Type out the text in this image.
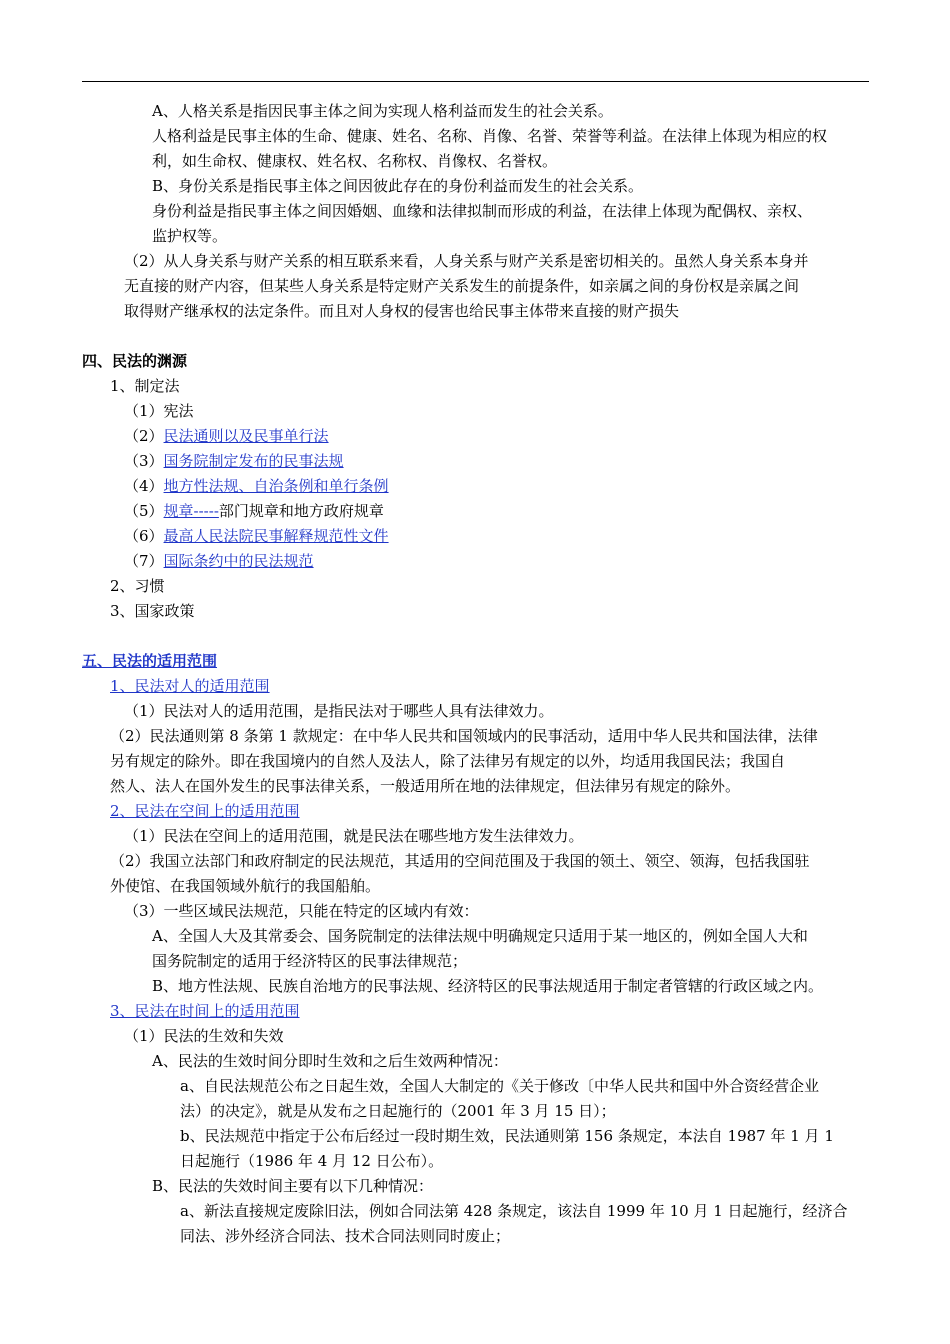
A、人格关系是指因民事主体之间为实现人格利益而发生的社会关系。
人格利益是民事主体的生命、健康、姓名、名称、肖像、名誉、荣誉等利益。在法律上体现为相应的权
利，如生命权、健康权、姓名权、名称权、肖像权、名誉权。
B、身份关系是指民事主体之间因彼此存在的身份利益而发生的社会关系。
身份利益是指民事主体之间因婚姻、血缘和法律拟制而形成的利益，在法律上体现为配偶权、亲权、
监护权等。
（2）从人身关系与财产关系的相互联系来看，人身关系与财产关系是密切相关的。虽然人身关系本身并
无直接的财产内容，但某些人身关系是特定财产关系发生的前提条件，如亲属之间的身份权是亲属之间
取得财产继承权的法定条件。而且对人身权的侵害也给民事主体带来直接的财产损失
四、民法的渊源
1、制定法
（1）宪法
（2）民法通则以及民事单行法
（3）国务院制定发布的民事法规
（4）地方性法规、自治条例和单行条例
（5）规章-----部门规章和地方政府规章
（6）最高人民法院民事解释规范性文件
（7）国际条约中的民法规范
2、习惯
3、国家政策
五、民法的适用范围
1、民法对人的适用范围
（1）民法对人的适用范围，是指民法对于哪些人具有法律效力。
（2）民法通则第 8 条第 1 款规定：在中华人民共和国领域内的民事活动，适用中华人民共和国法律，法律
另有规定的除外。即在我国境内的自然人及法人，除了法律另有规定的以外，均适用我国民法；我国自
然人、法人在国外发生的民事法律关系，一般适用所在地的法律规定，但法律另有规定的除外。
2、民法在空间上的适用范围
（1）民法在空间上的适用范围，就是民法在哪些地方发生法律效力。
（2）我国立法部门和政府制定的民法规范，其适用的空间范围及于我国的领土、领空、领海，包括我国驻
外使馆、在我国领域外航行的我国船舶。
（3）一些区域民法规范，只能在特定的区域内有效：
A、全国人大及其常委会、国务院制定的法律法规中明确规定只适用于某一地区的，例如全国人大和
国务院制定的适用于经济特区的民事法律规范；
B、地方性法规、民族自治地方的民事法规、经济特区的民事法规适用于制定者管辖的行政区域之内。
3、民法在时间上的适用范围
（1）民法的生效和失效
A、民法的生效时间分即时生效和之后生效两种情况：
a、自民法规范公布之日起生效，全国人大制定的《关于修改〔中华人民共和国中外合资经营企业
法）的决定》，就是从发布之日起施行的（2001 年 3 月 15 日）；
b、民法规范中指定于公布后经过一段时期生效，民法通则第 156 条规定，本法自 1987 年 1 月 1
日起施行（1986 年 4 月 12 日公布）。
B、民法的失效时间主要有以下几种情况：
a、新法直接规定废除旧法，例如合同法第 428 条规定，该法自 1999 年 10 月 1 日起施行，经济合
同法、涉外经济合同法、技术合同法则同时废止；
